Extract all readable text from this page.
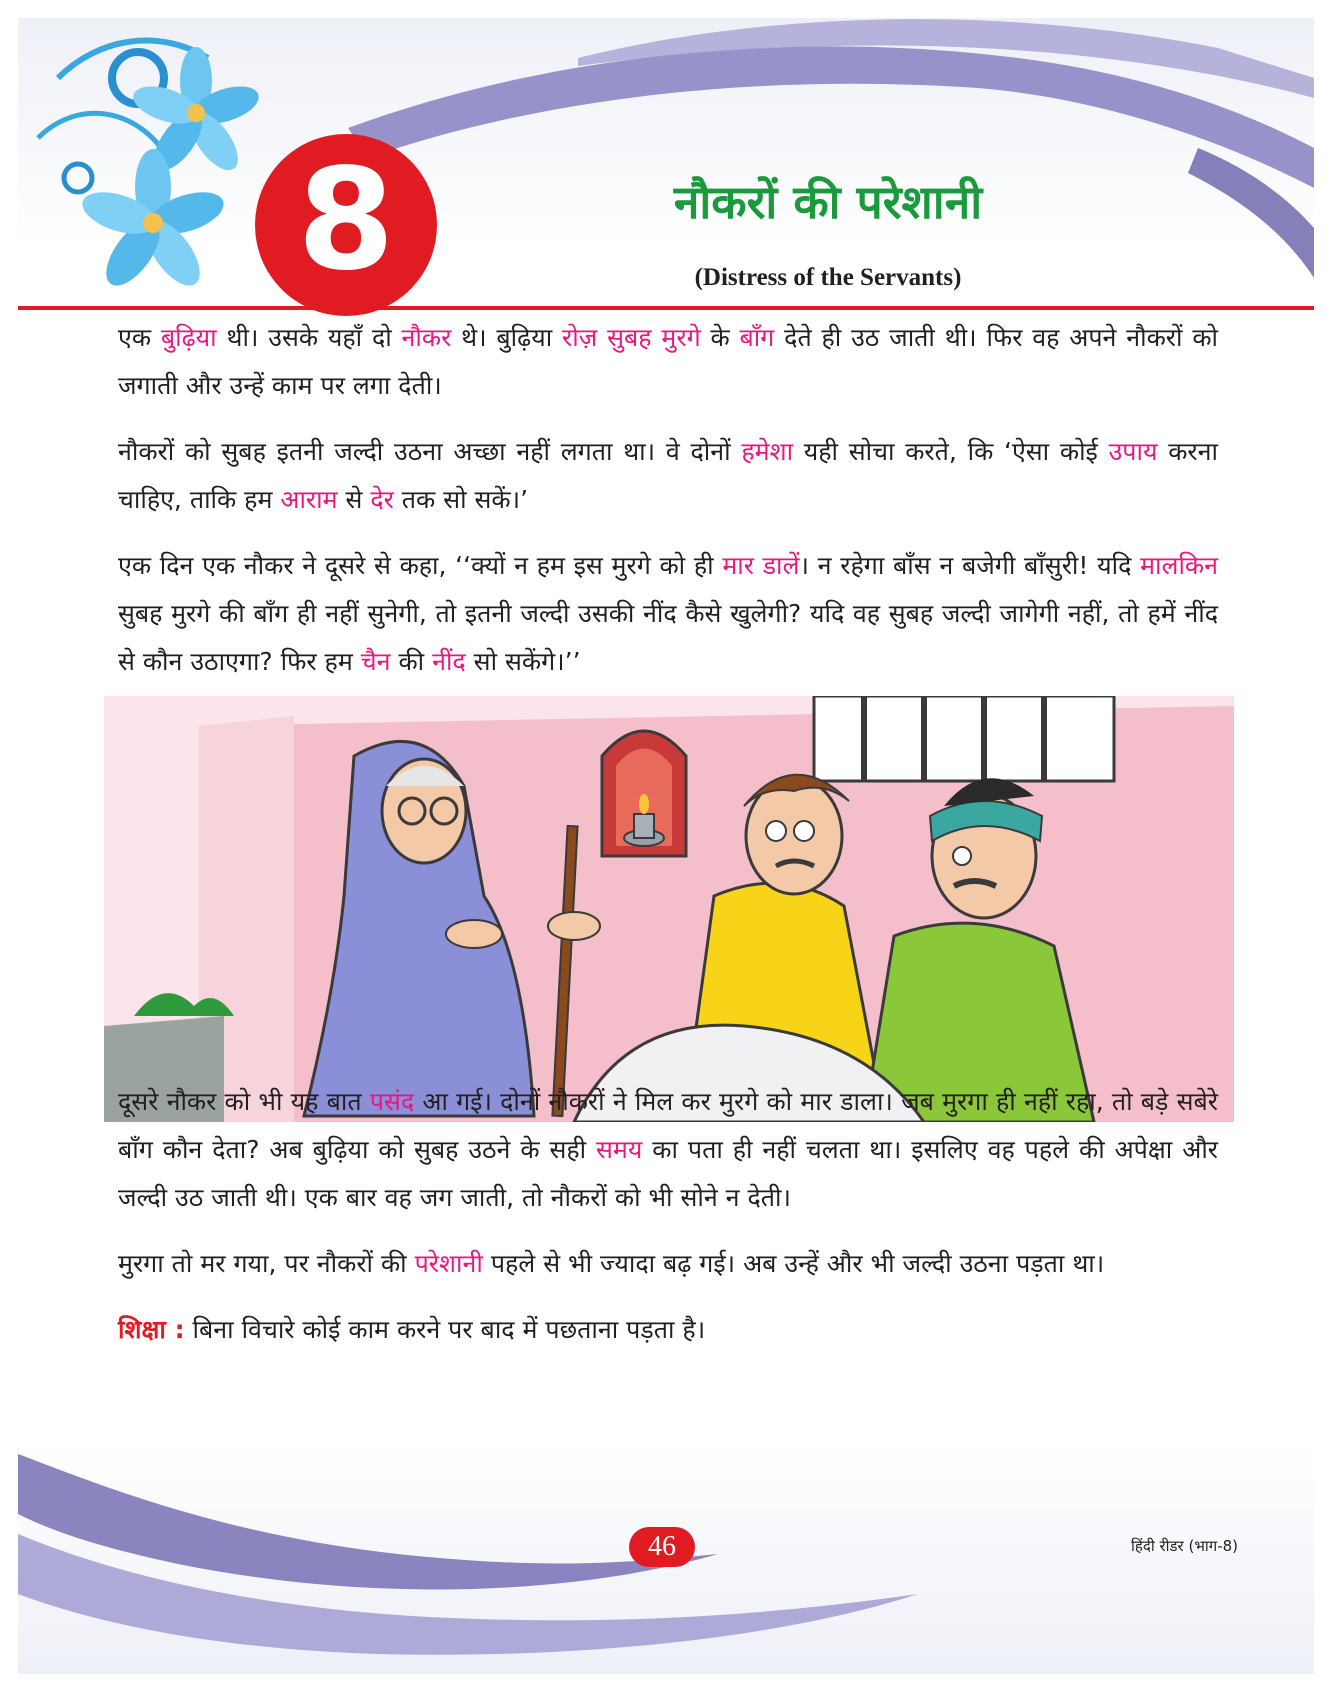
8	नौकरों की परेशानी
(Distress of the Servants)

एक बुढ़िया थी। उसके यहाँ दो नौकर थे। बुढ़िया रोज़ सुबह मुरगे के बाँग देते ही उठ जाती थी। फिर वह अपने नौकरों को जगाती और उन्हें काम पर लगा देती।

नौकरों को सुबह इतनी जल्दी उठना अच्छा नहीं लगता था। वे दोनों हमेशा यही सोचा करते, कि ‘ऐसा कोई उपाय करना चाहिए, ताकि हम आराम से देर तक सो सकें।’

एक दिन एक नौकर ने दूसरे से कहा, ‘‘क्यों न हम इस मुरगे को ही मार डालें। न रहेगा बाँस न बजेगी बाँसुरी! यदि मालकिन सुबह मुरगे की बाँग ही नहीं सुनेगी, तो इतनी जल्दी उसकी नींद कैसे खुलेगी? यदि वह सुबह जल्दी जागेगी नहीं, तो हमें नींद से कौन उठाएगा? फिर हम चैन की नींद सो सकेंगे।’’

दूसरे नौकर को भी यह बात पसंद आ गई। दोनों नौकरों ने मिल कर मुरगे को मार डाला। जब मुरगा ही नहीं रहा, तो बड़े सबेरे बाँग कौन देता? अब बुढ़िया को सुबह उठने के सही समय का पता ही नहीं चलता था। इसलिए वह पहले की अपेक्षा और जल्दी उठ जाती थी। एक बार वह जग जाती, तो नौकरों को भी सोने न देती।

मुरगा तो मर गया, पर नौकरों की परेशानी पहले से भी ज्यादा बढ़ गई। अब उन्हें और भी जल्दी उठना पड़ता था।

शिक्षा : बिना विचारे कोई काम करने पर बाद में पछताना पड़ता है।

46	हिंदी रीडर (भाग-8)
